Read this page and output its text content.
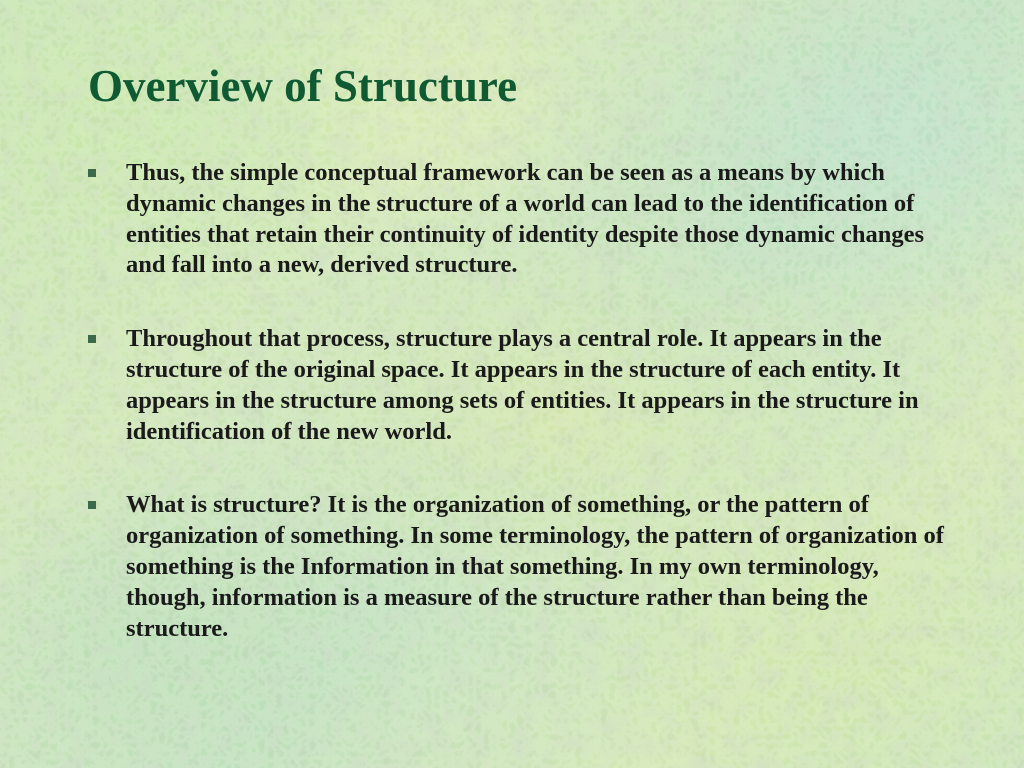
Overview of Structure
Thus, the simple conceptual framework can be seen as a means by which dynamic changes in the structure of a world can lead to the identification of entities that retain their continuity of identity despite those dynamic changes and fall into a new, derived structure.
Throughout that process, structure plays a central role. It appears in the structure of the original space. It appears in the structure of each entity. It appears in the structure among sets of entities. It appears in the structure in identification of the new world.
What is structure? It is the organization of something, or the pattern of organization of something. In some terminology, the pattern of organization of something is the Information in that something. In my own terminology, though, information is a measure of the structure rather than being the structure.
